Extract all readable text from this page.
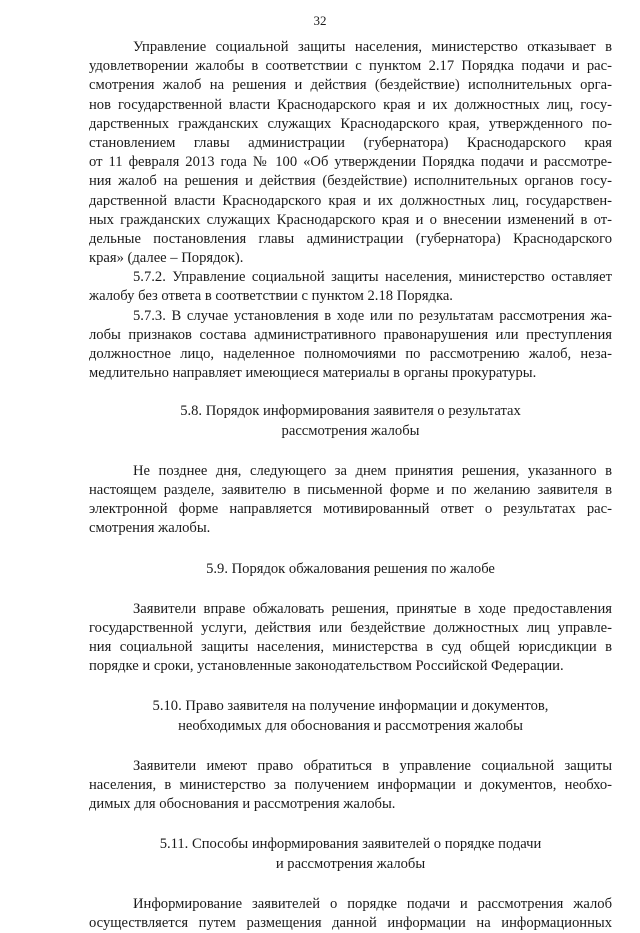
32
Управление социальной защиты населения, министерство отказывает в
удовлетворении жалобы в соответствии с пунктом 2.17 Порядка подачи и рас-
смотрения жалоб на решения и действия (бездействие) исполнительных орга-
нов государственной власти Краснодарского края и их должностных лиц, госу-
дарственных гражданских служащих Краснодарского края, утвержденного по-
становлением главы администрации (губернатора) Краснодарского края
от 11 февраля 2013 года № 100 «Об утверждении Порядка подачи и рассмотре-
ния жалоб на решения и действия (бездействие) исполнительных органов госу-
дарственной власти Краснодарского края и их должностных лиц, государствен-
ных гражданских служащих Краснодарского края и о внесении изменений в от-
дельные постановления главы администрации (губернатора) Краснодарского
края» (далее – Порядок).
5.7.2. Управление социальной защиты населения, министерство оставляет
жалобу без ответа в соответствии с пунктом 2.18 Порядка.
5.7.3. В случае установления в ходе или по результатам рассмотрения жа-
лобы признаков состава административного правонарушения или преступления
должностное лицо, наделенное полномочиями по рассмотрению жалоб, неза-
медлительно направляет имеющиеся материалы в органы прокуратуры.
5.8. Порядок информирования заявителя о результатах
рассмотрения жалобы
Не позднее дня, следующего за днем принятия решения, указанного в
настоящем разделе, заявителю в письменной форме и по желанию заявителя в
электронной форме направляется мотивированный ответ о результатах рас-
смотрения жалобы.
5.9. Порядок обжалования решения по жалобе
Заявители вправе обжаловать решения, принятые в ходе предоставления
государственной услуги, действия или бездействие должностных лиц управле-
ния социальной защиты населения, министерства в суд общей юрисдикции в
порядке и сроки, установленные законодательством Российской Федерации.
5.10. Право заявителя на получение информации и документов,
необходимых для обоснования и рассмотрения жалобы
Заявители имеют право обратиться в управление социальной защиты
населения, в министерство за получением информации и документов, необхо-
димых для обоснования и рассмотрения жалобы.
5.11. Способы информирования заявителей о порядке подачи
и рассмотрения жалобы
Информирование заявителей о порядке подачи и рассмотрения жалоб
осуществляется путем размещения данной информации на информационных
